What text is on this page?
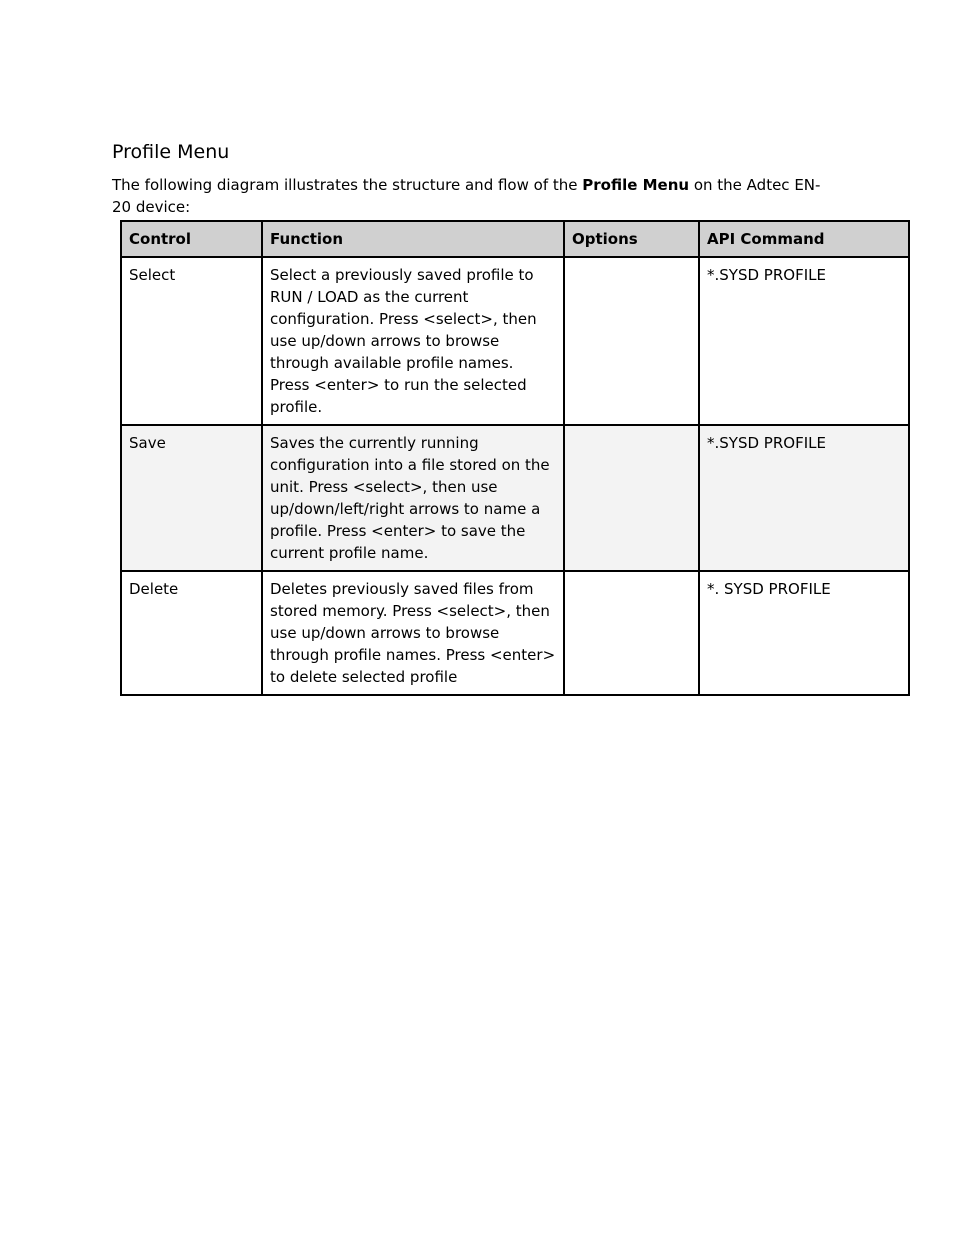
Profile Menu

The following diagram illustrates the structure and flow of the Profile Menu on the Adtec EN-20 device:

Control	Function	Options	API Command
Select	Select a previously saved profile to RUN / LOAD as the current configuration. Press <select>, then use up/down arrows to browse through available profile names. Press <enter> to run the selected profile.		*.SYSD PROFILE
Save	Saves the currently running configuration into a file stored on the unit. Press <select>, then use up/down/left/right arrows to name a profile. Press <enter> to save the current profile name.		*.SYSD PROFILE
Delete	Deletes previously saved files from stored memory. Press <select>, then use up/down arrows to browse through profile names. Press <enter> to delete selected profile		*. SYSD PROFILE
